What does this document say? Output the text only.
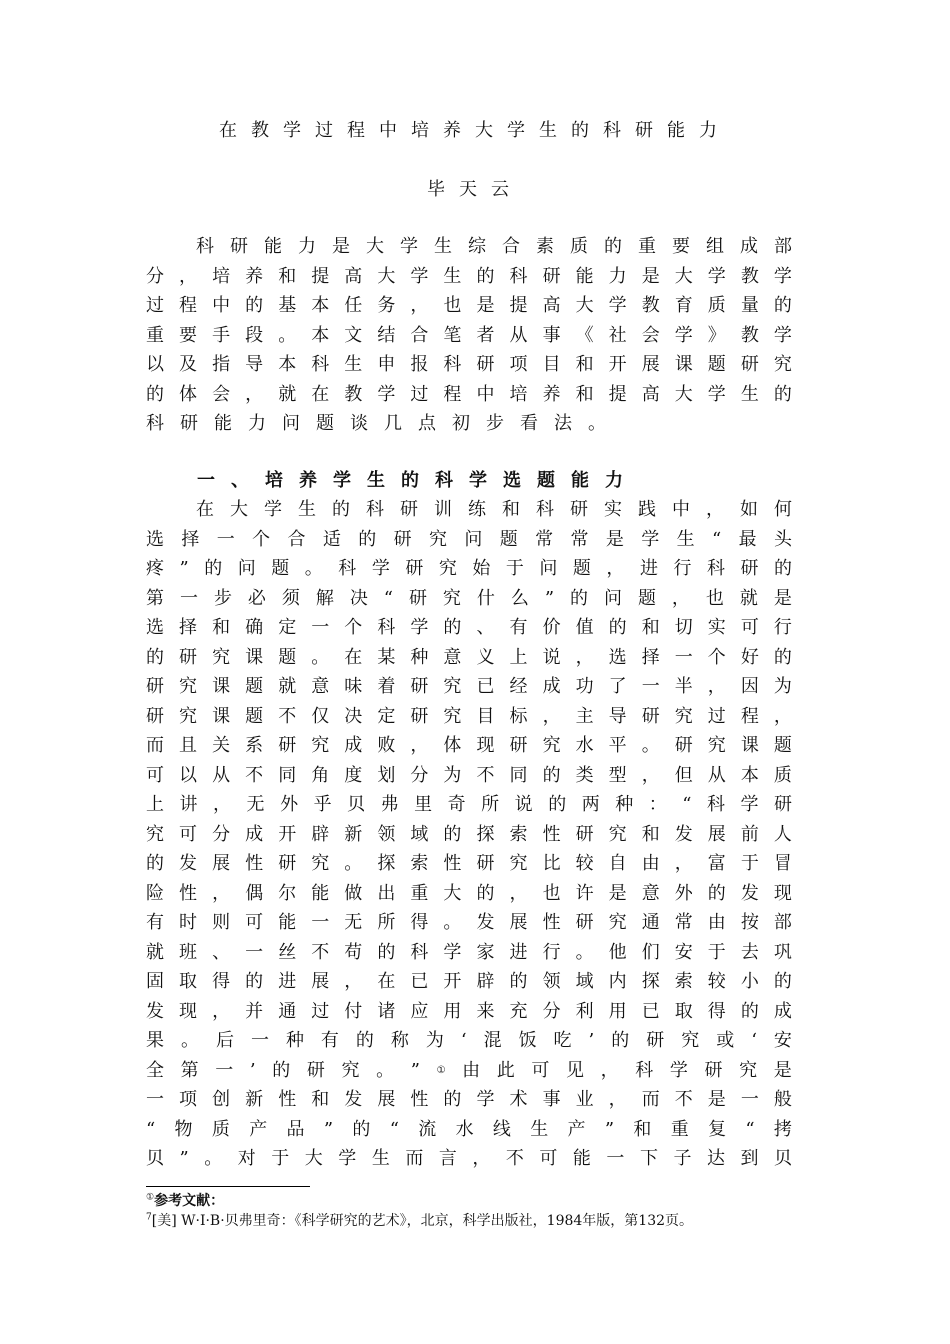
在教学过程中培养大学生的科研能力
毕天云
科 研 能 力 是 大 学 生 综 合 素 质 的 重 要 组 成 部
分 ， 培 养 和 提 高 大 学 生 的 科 研 能 力 是 大 学 教 学
过 程 中 的 基 本 任 务 ， 也 是 提 高 大 学 教 育 质 量 的
重 要 手 段 。 本 文 结 合 笔 者 从 事 《 社 会 学 》 教 学
以 及 指 导 本 科 生 申 报 科 研 项 目 和 开 展 课 题 研 究
的 体 会 ， 就 在 教 学 过 程 中 培 养 和 提 高 大 学 生 的
科 研 能 力 问 题 谈 几 点 初 步 看 法 。
一、培养学生的科学选题能力
在 大 学 生 的 科 研 训 练 和 科 研 实 践 中 ， 如 何
选 择 一 个 合 适 的 研 究 问 题 常 常 是 学 生 “ 最 头
疼 ” 的 问 题 。 科 学 研 究 始 于 问 题 ， 进 行 科 研 的
第 一 步 必 须 解 决 “ 研 究 什 么 ” 的 问 题 ， 也 就 是
选 择 和 确 定 一 个 科 学 的 、 有 价 值 的 和 切 实 可 行
的 研 究 课 题 。 在 某 种 意 义 上 说 ， 选 择 一 个 好 的
研 究 课 题 就 意 味 着 研 究 已 经 成 功 了 一 半 ， 因 为
研 究 课 题 不 仅 决 定 研 究 目 标 ， 主 导 研 究 过 程 ，
而 且 关 系 研 究 成 败 ， 体 现 研 究 水 平 。 研 究 课 题
可 以 从 不 同 角 度 划 分 为 不 同 的 类 型 ， 但 从 本 质
上 讲 ， 无 外 乎 贝 弗 里 奇 所 说 的 两 种 ： “ 科 学 研
究 可 分 成 开 辟 新 领 域 的 探 索 性 研 究 和 发 展 前 人
的 发 展 性 研 究 。 探 索 性 研 究 比 较 自 由 ， 富 于 冒
险 性 ， 偶 尔 能 做 出 重 大 的 ， 也 许 是 意 外 的 发 现
有 时 则 可 能 一 无 所 得 。 发 展 性 研 究 通 常 由 按 部
就 班 、 一 丝 不 苟 的 科 学 家 进 行 。 他 们 安 于 去 巩
固 取 得 的 进 展 ， 在 已 开 辟 的 领 域 内 探 索 较 小 的
发 现 ， 并 通 过 付 诸 应 用 来 充 分 利 用 已 取 得 的 成
果 。 后 一 种 有 的 称 为 ‘ 混 饭 吃 ’ 的 研 究 或 ‘ 安
全 第 一 ’ 的 研 究 。 ” ① 由 此 可 见 ， 科 学 研 究 是
一 项 创 新 性 和 发 展 性 的 学 术 事 业 ， 而 不 是 一 般
“ 物 质 产 品 ” 的 “ 流 水 线 生 产 ” 和 重 复 “ 拷
贝 ” 。 对 于 大 学 生 而 言 ， 不 可 能 一 下 子 达 到 贝
①参考文献：
$^7$[美] W·I·B·贝弗里奇：《科学研究的艺术》，北京，科学出版社，1984年版，第132页。
